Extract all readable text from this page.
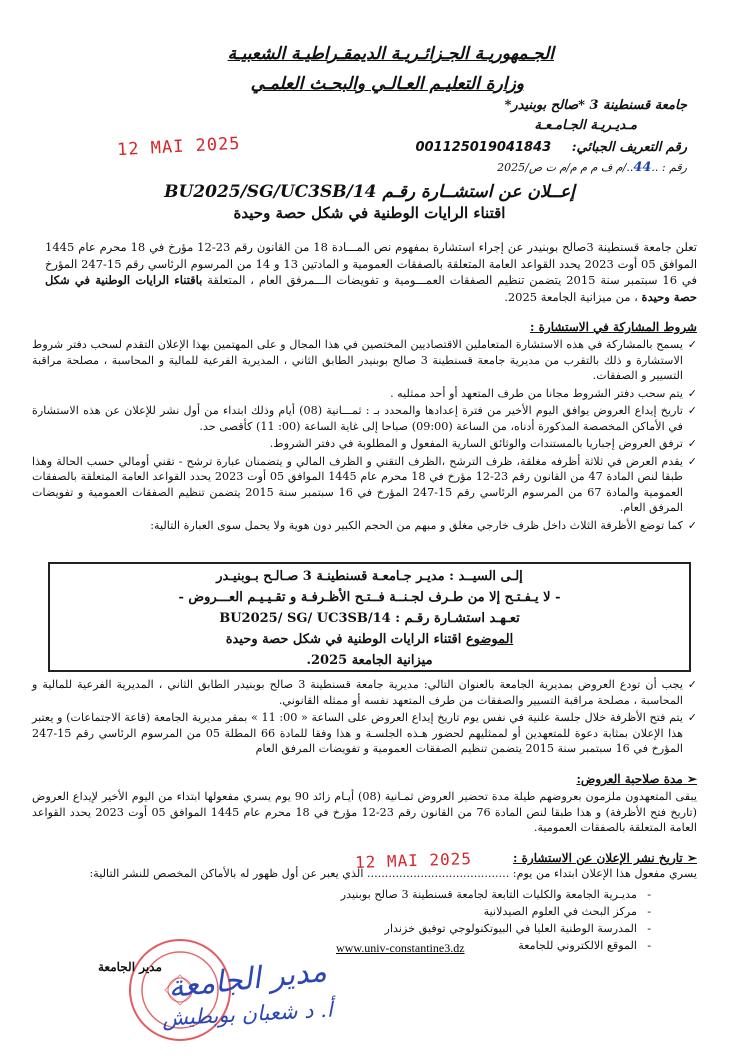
الجـمهوريـة الجـزائـريـة الديمقـراطيـة الشعبيـة
وزارة التعليـم العـالـي والبحـث العلمـي
جامعة قسنطينة 3 *صالح بوبنيدر*
مـديـريـة الجـامـعـة
رقم التعريف الجبائي: 001125019041843
رقم : ..44../م ف م م م/م ت ص/2025
12 MAI 2025
إعــلان عن استشــارة رقـم BU2025/SG/UC3SB/14
اقتناء الرايات الوطنية في شكل حصة وحيدة
تعلن جامعة قسنطينة 3صالح بوبنيدر عن إجراء استشارة بمفهوم نص المـــادة 18 من القانون رقم 23-12 مؤرخ في 18 محرم عام 1445 الموافق 05 أوت 2023 يحدد القواعد العامة المتعلقة بالصفقات العمومية و المادتين 13 و 14 من المرسوم الرئاسي رقم 15-247 المؤرخ في 16 سبتمبر سنة 2015 يتضمن تنظيم الصفقات العمـــومية و تفويضات الـــمرفق العام ، المتعلقة باقتناء الرايات الوطنية في شكل حصة وحيدة ، من ميزانية الجامعة 2025.
شروط المشاركة في الاستشارة :
✓
يسمح بالمشاركة في هذه الاستشارة المتعاملين الاقتصاديين المختصين في هذا المجال و على المهتمين بهذا الإعلان التقدم لسحب دفتر شروط الاستشارة و ذلك بالتقرب من مديرية جامعة قسنطينة 3 صالح بوبنيدر الطابق الثاني ، المديرية الفرعية للمالية و المحاسبة ، مصلحة مراقبة التسيير و الصفقات.
✓
يتم سحب دفتر الشروط مجانا من طرف المتعهد أو أحد ممثليه .
✓
تاريخ إيداع العروض يوافق اليوم الأخير من فترة إعدادها والمحدد بـ : ثمـــانية (08) أيام وذلك ابتداء من أول نشر للإعلان عن هذه الاستشارة في الأماكن المخصصة المذكورة أدناه، من الساعة (09:00) صباحا إلى غاية الساعة (00: 11) كأقصى حد.
✓
ترفق العروض إجباريا بالمستندات والوثائق السارية المفعول و المطلوبة في دفتر الشروط.
✓
يقدم العرض في ثلاثة أظرفه مغلقة، ظرف الترشح ،الظرف التقني و الظرف المالي و يتضمنان عبارة ترشح - تقني أومالي حسب الحالة وهذا طبقا لنص المادة 47 من القانون رقم 23-12 مؤرخ في 18 محرم عام 1445 الموافق 05 أوت 2023 يحدد القواعد العامة المتعلقة بالصفقات العمومية والمادة 67 من المرسوم الرئاسي رقم 15-247 المؤرخ في 16 سبتمبر سنة 2015 يتضمن تنظيم الصفقات العمومية و تفويضات المرفق العام.
✓
كما توضع الأظرفة الثلاث داخل ظرف خارجي مغلق و مبهم من الحجم الكبير دون هوية ولا يحمل سوى العبارة التالية:
إلـى السيــد : مديـر جـامعـة قسنطينـة 3 صـالـح بـوبنيـدر
- لا يـفـتـح إلا من طـرف لجـنــة فــتـح الأظـرفـة و تقـيـيـم العـــروض -
تعـهـد استشـارة رقـم : BU2025/ SG/ UC3SB/14
الموضوع اقتناء الرايات الوطنية في شكل حصة وحيدة
ميزانية الجامعة 2025.
✓
يجب أن تودع العروض بمديرية الجامعة بالعنوان التالي: مديرية جامعة قسنطينة 3 صالح بوبنيدر الطابق الثاني ، المديرية الفرعية للمالية و المحاسبة ، مصلحة مراقبة التسيير والصفقات من طرف المتعهد نفسه أو ممثله القانوني.
✓
يتم فتح الأظرفة خلال جلسة علنية في نفس يوم تاريخ إيداع العروض على الساعة « 00: 11 » بمقر مديرية الجامعة (قاعة الاجتماعات) و يعتبر هذا الإعلان بمثابة دعوة للمتعهدين أو لممثليهم لحضور هـذه الجلسـة و هذا وفقا للمادة 66 المطلة 05 من المرسوم الرئاسي رقم 15-247 المؤرخ في 16 سبتمبر سنة 2015 يتضمن تنظيم الصفقات العمومية و تفويضات المرفق العام
➢ مدة صلاحية العروض:
يبقى المتعهدون ملزمون بعروضهم طيلة مدة تحضير العروض ثمـانية (08) أيـام زائد 90 يوم يسري مفعولها ابتداء من اليوم الأخير لإيداع العروض (تاريخ فتح الأظرفة) و هذا طبقا لنص المادة 76 من القانون رقم 23-12 مؤرخ في 18 محرم عام 1445 الموافق 05 أوت 2023 يحدد القواعد العامة المتعلقة بالصفقات العمومية.
12 MAI 2025	➢ تاريخ نشر الإعلان عن الاستشارة :
يسري مفعول هذا الإعلان ابتداء من يوم: ........................................ الذي يعبر عن أول ظهور له بالأماكن المخصص للنشر التالية:
-
مديـرية الجامعة والكليات التابعة لجامعة قسنطينة 3 صالح بوبنيدر
-
مركز البحث في العلوم الصيدلانية
-
المدرسة الوطنية العليا في البيوتكنولوجي توفيق خزندار
-
الموقع الالكتروني للجامعة
www.univ-constantine3.dz
مدير الجامعة مدير الجامعة
أ. د شعبان بوبطيش
